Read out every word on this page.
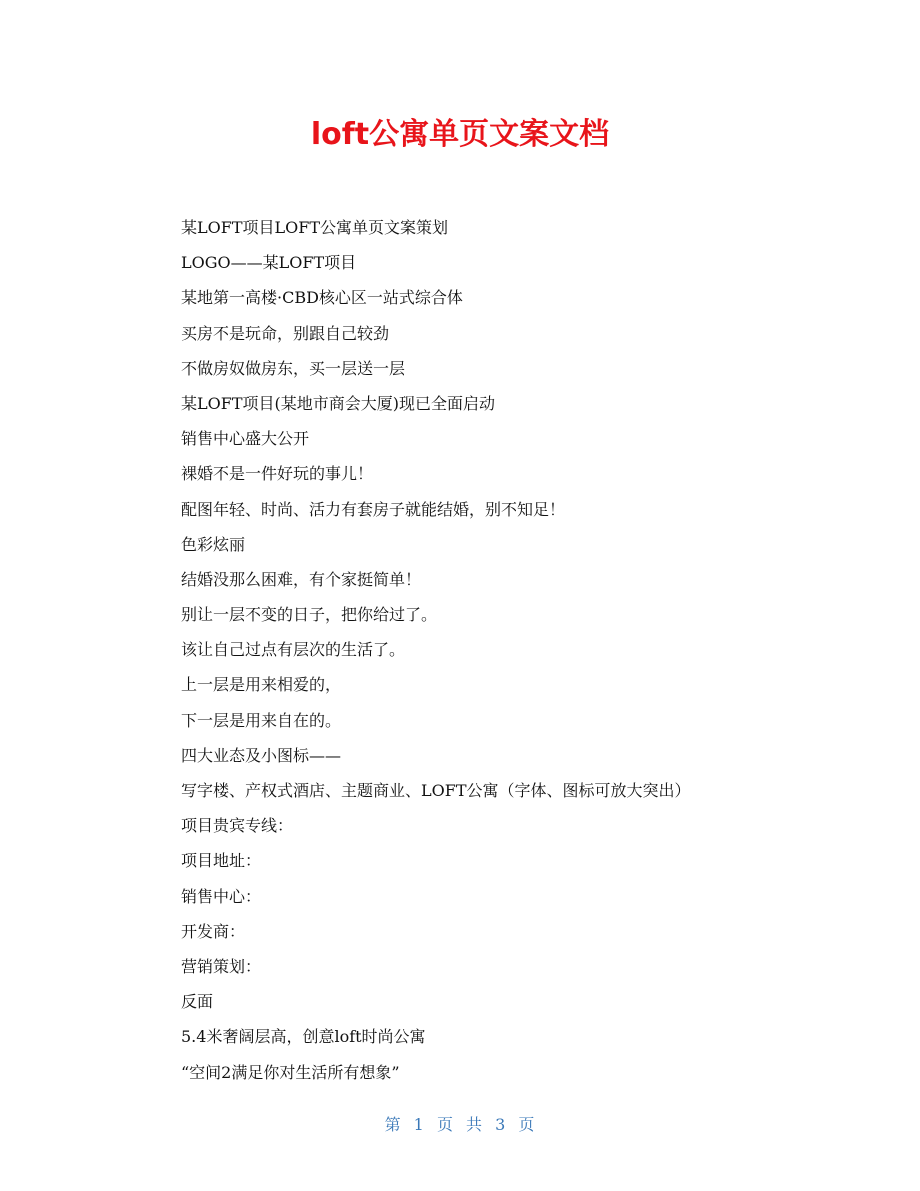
loft公寓单页文案文档
某LOFT项目LOFT公寓单页文案策划
LOGO——某LOFT项目
某地第一高楼·CBD核心区一站式综合体
买房不是玩命，别跟自己较劲
不做房奴做房东，买一层送一层
某LOFT项目(某地市商会大厦)现已全面启动
销售中心盛大公开
裸婚不是一件好玩的事儿！
配图年轻、时尚、活力有套房子就能结婚，别不知足！
色彩炫丽
结婚没那么困难，有个家挺简单！
别让一层不变的日子，把你给过了。
该让自己过点有层次的生活了。
上一层是用来相爱的，
下一层是用来自在的。
四大业态及小图标——
写字楼、产权式酒店、主题商业、LOFT公寓（字体、图标可放大突出）
项目贵宾专线：
项目地址：
销售中心：
开发商：
营销策划：
反面
5.4米奢阔层高，创意loft时尚公寓
“空间2满足你对生活所有想象”
第 1 页 共 3 页
